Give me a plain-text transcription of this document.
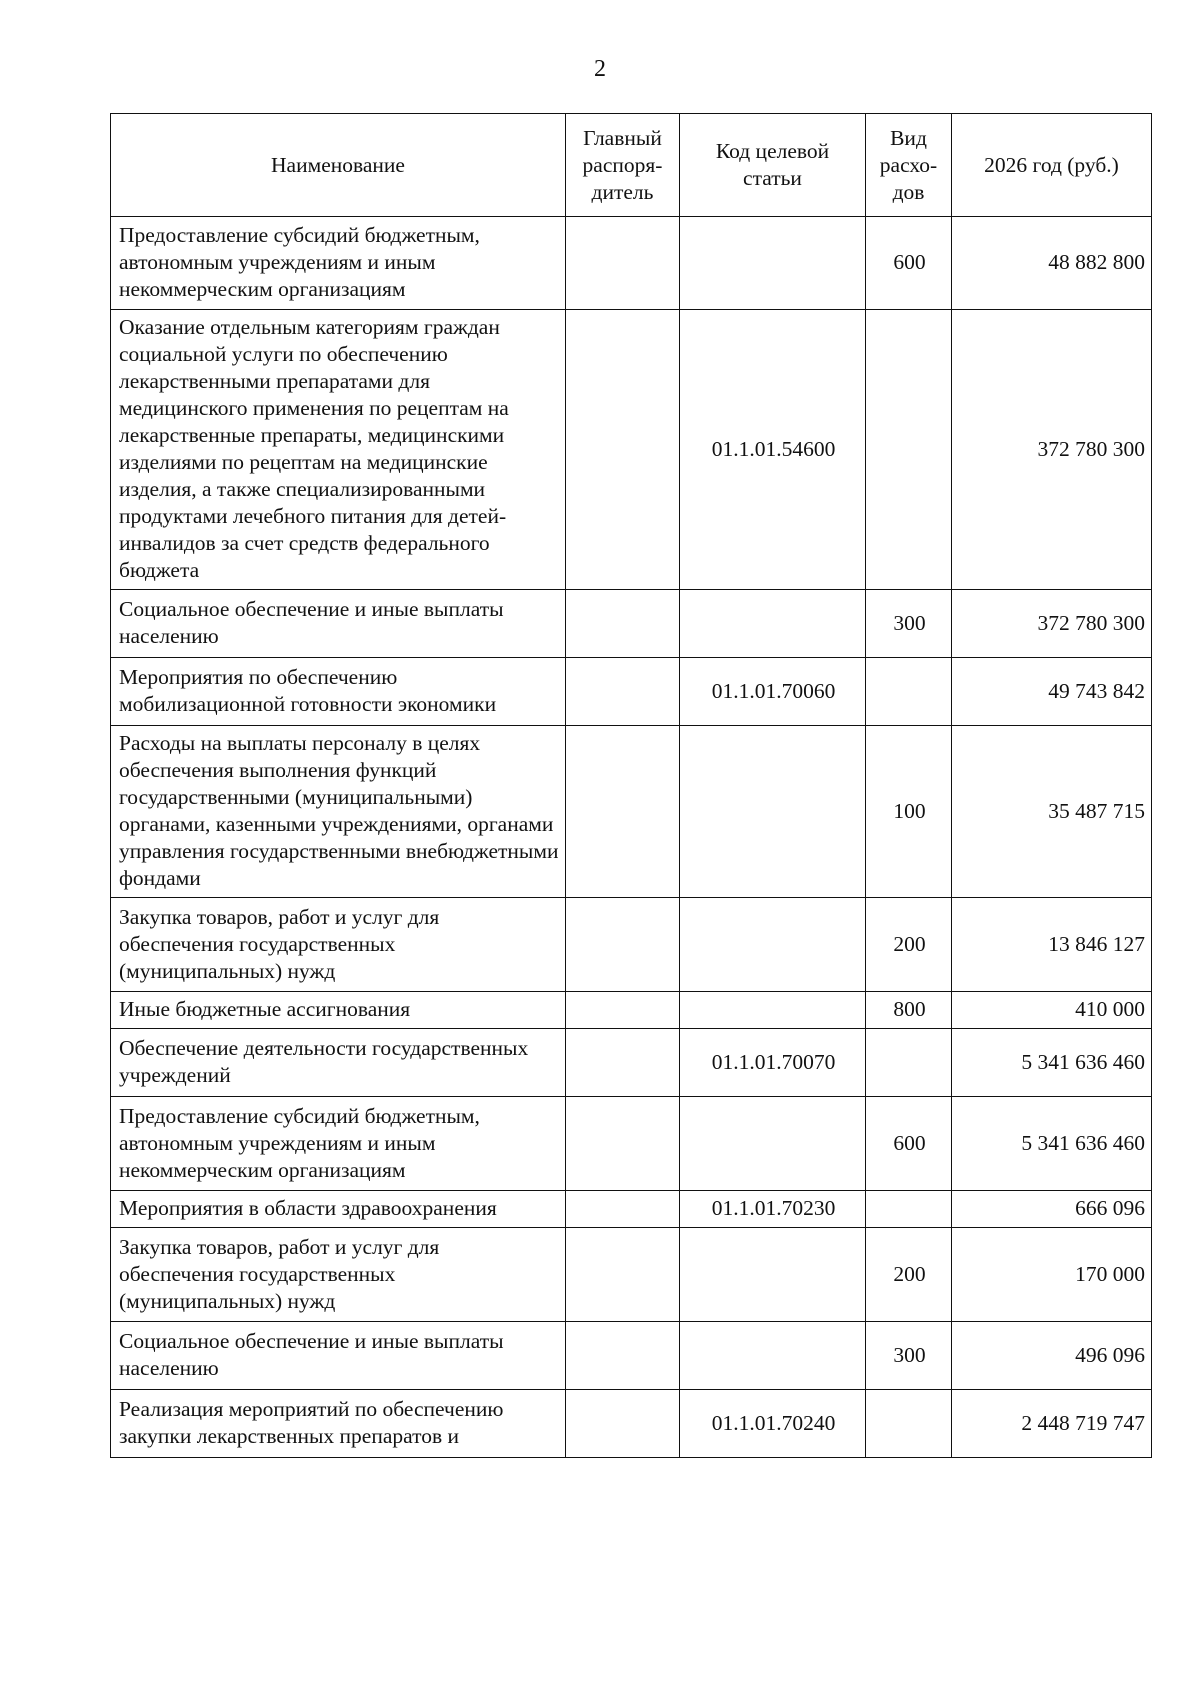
2
Наименование	Главный распоря-дитель	Код целевой статьи	Вид расхо-дов	2026 год (руб.)
Предоставление субсидий бюджетным, автономным учреждениям и иным некоммерческим организациям			600	48 882 800
Оказание отдельным категориям граждан социальной услуги по обеспечению лекарственными препаратами для медицинского применения по рецептам на лекарственные препараты, медицинскими изделиями по рецептам на медицинские изделия, а также специализированными продуктами лечебного питания для детей-инвалидов за счет средств федерального бюджета		01.1.01.54600		372 780 300
Социальное обеспечение и иные выплаты населению			300	372 780 300
Мероприятия по обеспечению мобилизационной готовности экономики		01.1.01.70060		49 743 842
Расходы на выплаты персоналу в целях обеспечения выполнения функций государственными (муниципальными) органами, казенными учреждениями, органами управления государственными внебюджетными фондами			100	35 487 715
Закупка товаров, работ и услуг для обеспечения государственных (муниципальных) нужд			200	13 846 127
Иные бюджетные ассигнования			800	410 000
Обеспечение деятельности государственных учреждений		01.1.01.70070		5 341 636 460
Предоставление субсидий бюджетным, автономным учреждениям и иным некоммерческим организациям			600	5 341 636 460
Мероприятия в области здравоохранения		01.1.01.70230		666 096
Закупка товаров, работ и услуг для обеспечения государственных (муниципальных) нужд			200	170 000
Социальное обеспечение и иные выплаты населению			300	496 096
Реализация мероприятий по обеспечению закупки лекарственных препаратов и		01.1.01.70240		2 448 719 747
